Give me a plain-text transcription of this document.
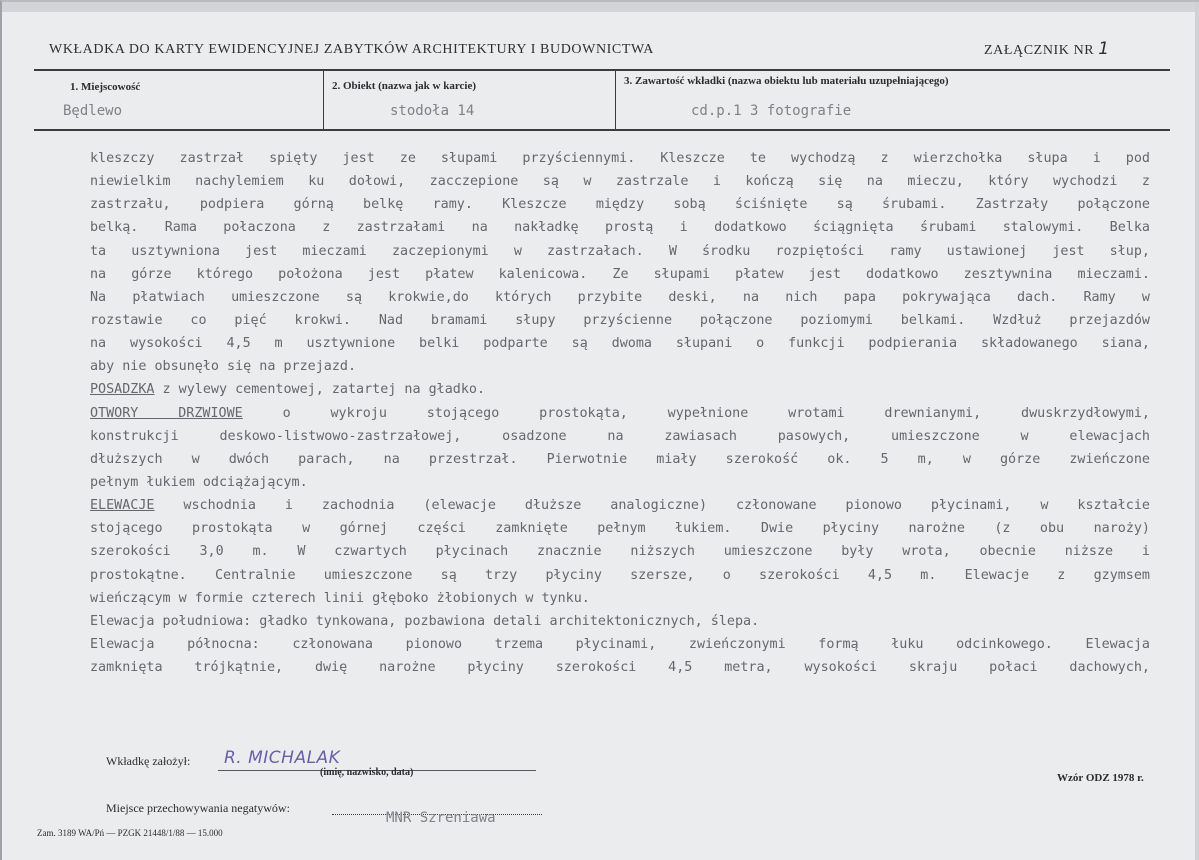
WKŁADKA DO KARTY EWIDENCYJNEJ ZABYTKÓW ARCHITEKTURY I BUDOWNICTWA	ZAŁĄCZNIK NR 1
1. Miejscowość
Będlewo
2. Obiekt (nazwa jak w karcie)
stodoła 14
3. Zawartość wkładki (nazwa obiektu lub materiału uzupełniającego)
cd.p.1 3 fotografie
kleszczy zastrzał spięty jest ze słupami przyściennymi. Kleszcze te wychodzą z wierzchołka słupa i pod
niewielkim nachylemiem ku dołowi, zacczepione są w zastrzale i kończą się na mieczu, który wychodzi z
zastrzału, podpiera górną belkę ramy. Kleszcze między sobą ściśnięte są śrubami. Zastrzały połączone
belką. Rama połaczona z zastrzałami na nakładkę prostą i dodatkowo ściągnięta śrubami stalowymi. Belka
ta usztywniona jest mieczami zaczepionymi w zastrzałach. W środku rozpiętości ramy ustawionej jest słup,
na górze którego położona jest płatew kalenicowa. Ze słupami płatew jest dodatkowo zesztywnina mieczami.
Na płatwiach umieszczone są krokwie,do których przybite deski, na nich papa pokrywająca dach. Ramy w
rozstawie co pięć krokwi. Nad bramami słupy przyścienne połączone poziomymi belkami. Wzdłuż przejazdów
na wysokości 4,5 m usztywnione belki podparte są dwoma słupani o funkcji podpierania składowanego siana,
aby nie obsunęło się na przejazd.
POSADZKA z wylewy cementowej, zatartej na gładko.
OTWORY DRZWIOWE o wykroju stojącego prostokąta, wypełnione wrotami drewnianymi, dwuskrzydłowymi,
konstrukcji deskowo-listwowo-zastrzałowej, osadzone na zawiasach pasowych, umieszczone w elewacjach
dłuższych w dwóch parach, na przestrzał. Pierwotnie miały szerokość ok. 5 m, w górze zwieńczone
pełnym łukiem odciążającym.
ELEWACJE wschodnia i zachodnia (elewacje dłuższe analogiczne) członowane pionowo płycinami, w kształcie
stojącego prostokąta w górnej części zamknięte pełnym łukiem. Dwie płyciny narożne (z obu naroży)
szerokości 3,0 m. W czwartych płycinach znacznie niższych umieszczone były wrota, obecnie niższe i
prostokątne. Centralnie umieszczone są trzy płyciny szersze, o szerokości 4,5 m. Elewacje z gzymsem
wieńczącym w formie czterech linii głęboko żłobionych w tynku.
Elewacja południowa: gładko tynkowana, pozbawiona detali architektonicznych, ślepa.
Elewacja północna: członowana pionowo trzema płycinami, zwieńczonymi formą łuku odcinkowego. Elewacja
zamknięta trójkątnie, dwię narożne płyciny szerokości 4,5 metra, wysokości skraju połaci dachowych,
Wkładkę założył: R. MICHALAK
(imię, nazwisko, data)	Wzór ODZ 1978 r.
Miejsce przechowywania negatywów:
MNR Szreniawa
Zam. 3189 WA/Pń — PZGK 21448/1/88 — 15.000
